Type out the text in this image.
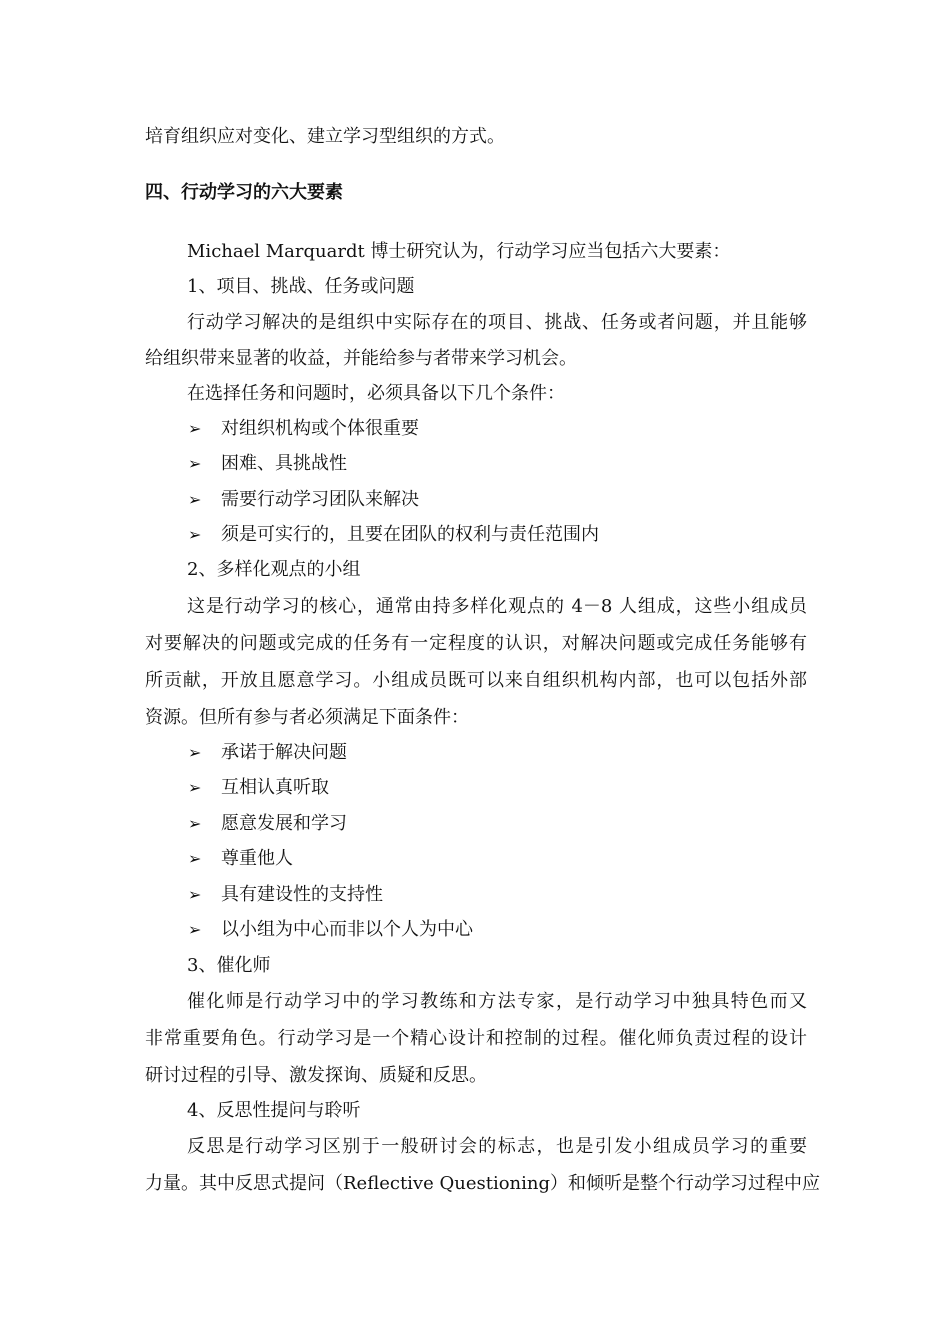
培育组织应对变化、建立学习型组织的方式。
四、行动学习的六大要素
Michael Marquardt 博士研究认为，行动学习应当包括六大要素：
1、项目、挑战、任务或问题
行动学习解决的是组织中实际存在的项目、挑战、任务或者问题，并且能够
给组织带来显著的收益，并能给参与者带来学习机会。
在选择任务和问题时，必须具备以下几个条件：
➢ 对组织机构或个体很重要
➢ 困难、具挑战性
➢ 需要行动学习团队来解决
➢ 须是可实行的，且要在团队的权利与责任范围内
2、多样化观点的小组
这是行动学习的核心，通常由持多样化观点的 4－8 人组成，这些小组成员
对要解决的问题或完成的任务有一定程度的认识，对解决问题或完成任务能够有
所贡献，开放且愿意学习。小组成员既可以来自组织机构内部，也可以包括外部
资源。但所有参与者必须满足下面条件：
➢ 承诺于解决问题
➢ 互相认真听取
➢ 愿意发展和学习
➢ 尊重他人
➢ 具有建设性的支持性
➢ 以小组为中心而非以个人为中心
3、催化师
催化师是行动学习中的学习教练和方法专家，是行动学习中独具特色而又
非常重要角色。行动学习是一个精心设计和控制的过程。催化师负责过程的设计
研讨过程的引导、激发探询、质疑和反思。
4、反思性提问与聆听
反思是行动学习区别于一般研讨会的标志，也是引发小组成员学习的重要
力量。其中反思式提问（Reflective Questioning）和倾听是整个行动学习过程中应
